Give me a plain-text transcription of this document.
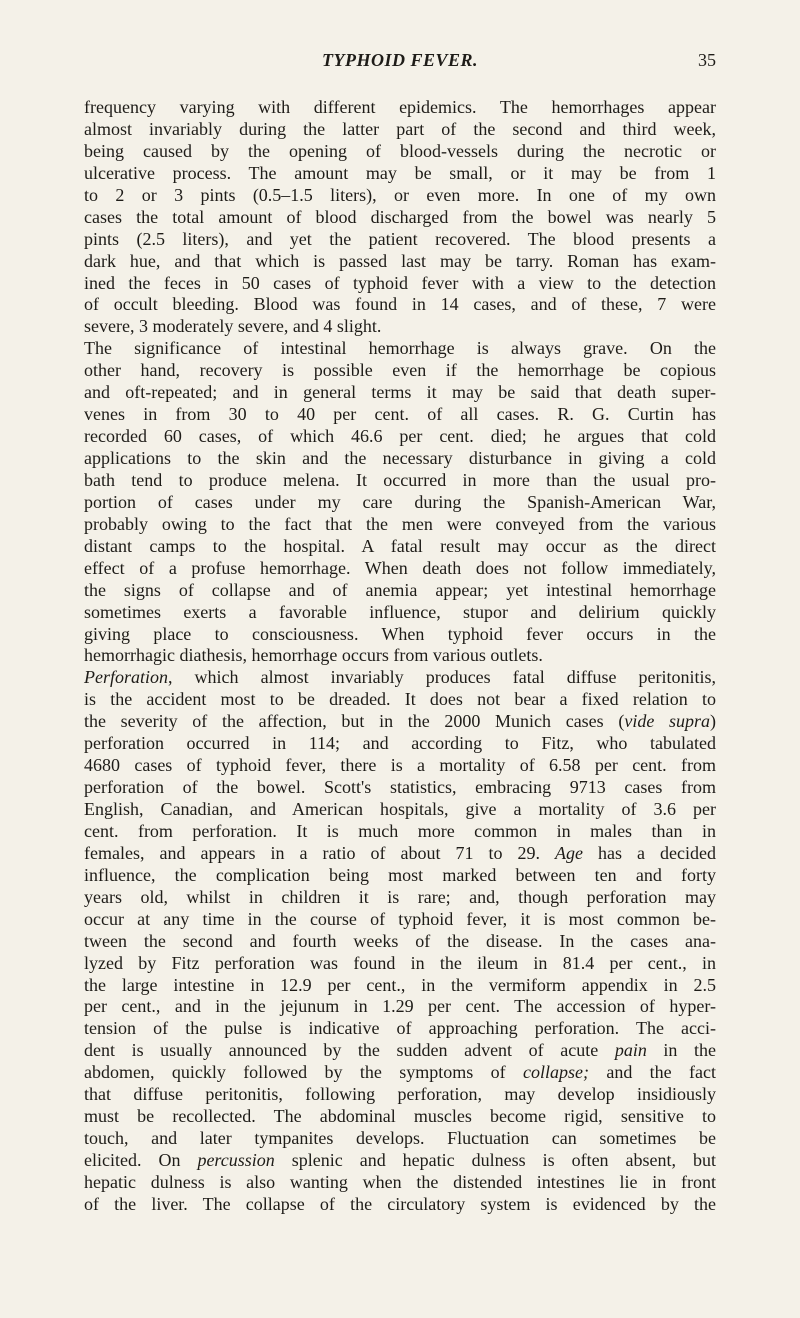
TYPHOID FEVER.	35
frequency varying with different epidemics. The hemorrhages appear
almost invariably during the latter part of the second and third week,
being caused by the opening of blood-vessels during the necrotic or
ulcerative process. The amount may be small, or it may be from 1
to 2 or 3 pints (0.5–1.5 liters), or even more. In one of my own
cases the total amount of blood discharged from the bowel was nearly 5
pints (2.5 liters), and yet the patient recovered. The blood presents a
dark hue, and that which is passed last may be tarry. Roman has exam-
ined the feces in 50 cases of typhoid fever with a view to the detection
of occult bleeding. Blood was found in 14 cases, and of these, 7 were
severe, 3 moderately severe, and 4 slight.
The significance of intestinal hemorrhage is always grave. On the
other hand, recovery is possible even if the hemorrhage be copious
and oft-repeated; and in general terms it may be said that death super-
venes in from 30 to 40 per cent. of all cases. R. G. Curtin has
recorded 60 cases, of which 46.6 per cent. died; he argues that cold
applications to the skin and the necessary disturbance in giving a cold
bath tend to produce melena. It occurred in more than the usual pro-
portion of cases under my care during the Spanish-American War,
probably owing to the fact that the men were conveyed from the various
distant camps to the hospital. A fatal result may occur as the direct
effect of a profuse hemorrhage. When death does not follow immediately,
the signs of collapse and of anemia appear; yet intestinal hemorrhage
sometimes exerts a favorable influence, stupor and delirium quickly
giving place to consciousness. When typhoid fever occurs in the
hemorrhagic diathesis, hemorrhage occurs from various outlets.
Perforation, which almost invariably produces fatal diffuse peritonitis,
is the accident most to be dreaded. It does not bear a fixed relation to
the severity of the affection, but in the 2000 Munich cases (vide supra)
perforation occurred in 114; and according to Fitz, who tabulated
4680 cases of typhoid fever, there is a mortality of 6.58 per cent. from
perforation of the bowel. Scott's statistics, embracing 9713 cases from
English, Canadian, and American hospitals, give a mortality of 3.6 per
cent. from perforation. It is much more common in males than in
females, and appears in a ratio of about 71 to 29. Age has a decided
influence, the complication being most marked between ten and forty
years old, whilst in children it is rare; and, though perforation may
occur at any time in the course of typhoid fever, it is most common be-
tween the second and fourth weeks of the disease. In the cases ana-
lyzed by Fitz perforation was found in the ileum in 81.4 per cent., in
the large intestine in 12.9 per cent., in the vermiform appendix in 2.5
per cent., and in the jejunum in 1.29 per cent. The accession of hyper-
tension of the pulse is indicative of approaching perforation. The acci-
dent is usually announced by the sudden advent of acute pain in the
abdomen, quickly followed by the symptoms of collapse; and the fact
that diffuse peritonitis, following perforation, may develop insidiously
must be recollected. The abdominal muscles become rigid, sensitive to
touch, and later tympanites develops. Fluctuation can sometimes be
elicited. On percussion splenic and hepatic dulness is often absent, but
hepatic dulness is also wanting when the distended intestines lie in front
of the liver. The collapse of the circulatory system is evidenced by the
